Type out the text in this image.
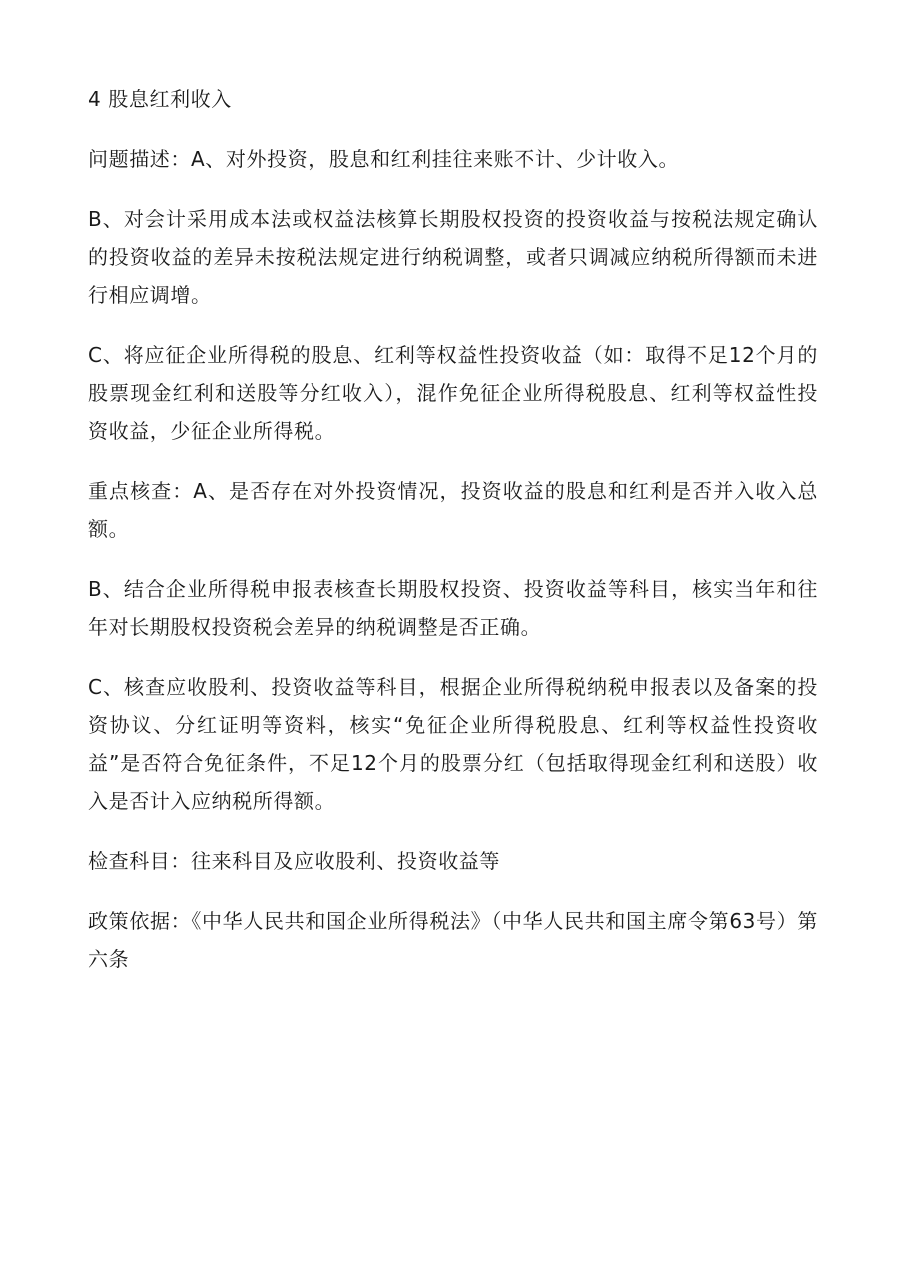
4 股息红利收入

问题描述：A、对外投资，股息和红利挂往来账不计、少计收入。

B、对会计采用成本法或权益法核算长期股权投资的投资收益与按税法规定确认的投资收益的差异未按税法规定进行纳税调整，或者只调减应纳税所得额而未进行相应调增。

C、将应征企业所得税的股息、红利等权益性投资收益（如：取得不足12个月的股票现金红利和送股等分红收入），混作免征企业所得税股息、红利等权益性投资收益，少征企业所得税。

重点核查：A、是否存在对外投资情况，投资收益的股息和红利是否并入收入总额。

B、结合企业所得税申报表核查长期股权投资、投资收益等科目，核实当年和往年对长期股权投资税会差异的纳税调整是否正确。

C、核查应收股利、投资收益等科目，根据企业所得税纳税申报表以及备案的投资协议、分红证明等资料，核实“免征企业所得税股息、红利等权益性投资收益”是否符合免征条件，不足12个月的股票分红（包括取得现金红利和送股）收入是否计入应纳税所得额。

检查科目：往来科目及应收股利、投资收益等

政策依据：《中华人民共和国企业所得税法》（中华人民共和国主席令第63号）第六条
